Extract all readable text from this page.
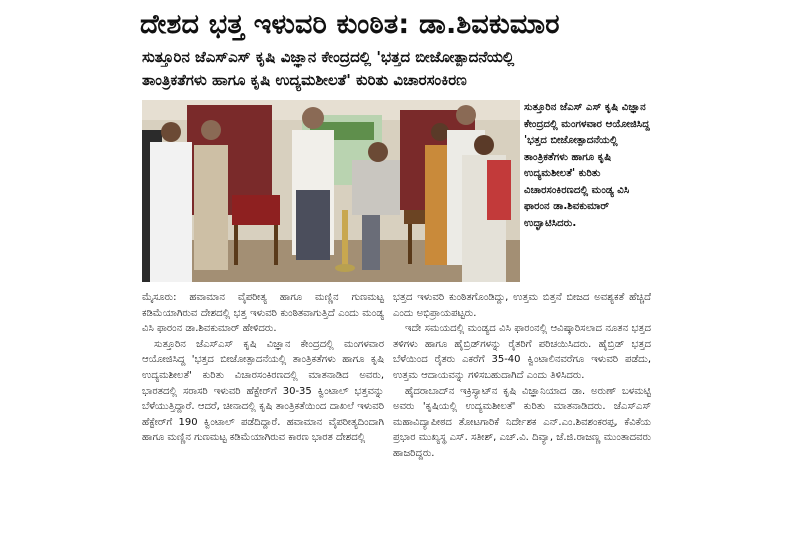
ದೇಶದ ಭತ್ತ ಇಳುವರಿ ಕುಂಠಿತ: ಡಾ.ಶಿವಕುಮಾರ
ಸುತ್ತೂರಿನ ಜೆಎಸ್‌ಎಸ್ ಕೃಷಿ ವಿಜ್ಞಾನ ಕೇಂದ್ರದಲ್ಲಿ 'ಭತ್ತದ ಬೀಜೋತ್ಪಾದನೆಯಲ್ಲಿ
ತಾಂತ್ರಿಕತೆಗಳು ಹಾಗೂ ಕೃಷಿ ಉದ್ಯಮಶೀಲತೆ' ಕುರಿತು ವಿಚಾರಸಂಕಿರಣ
ಸುತ್ತೂರಿನ ಜೆಎಸ್ ಎಸ್ ಕೃಷಿ ವಿಜ್ಞಾನ ಕೇಂದ್ರದಲ್ಲಿ ಮಂಗಳವಾರ ಆಯೋಜಿಸಿದ್ದ 'ಭತ್ತದ ಬೀಜೋತ್ಪಾದನೆಯಲ್ಲಿ ತಾಂತ್ರಿಕತೆಗಳು ಹಾಗೂ ಕೃಷಿ ಉದ್ಯಮಶೀಲತೆ' ಕುರಿತು ವಿಚಾರಸಂಕಿರಣದಲ್ಲಿ ಮಂಡ್ಯ ವಿಸಿ ಫಾರಂನ ಡಾ.ಶಿವಕುಮಾರ್ ಉದ್ಘಾಟಿಸಿದರು.

ಮೈಸೂರು: ಹವಾಮಾನ ವೈಪರೀತ್ಯ ಹಾಗೂ ಮಣ್ಣಿನ ಗುಣಮಟ್ಟ ಕಡಿಮೆಯಾಗಿರುವ ದೇಶದಲ್ಲಿ ಭತ್ತ ಇಳುವರಿ ಕುಂಠಿತವಾಗುತ್ತಿದೆ ಎಂದು ಮಂಡ್ಯ ವಿಸಿ ಫಾರಂನ ಡಾ.ಶಿವಕುಮಾರ್ ಹೇಳಿದರು.

ಸುತ್ತೂರಿನ ಜೆಎಸ್‌ಎಸ್ ಕೃಷಿ ವಿಜ್ಞಾನ ಕೇಂದ್ರದಲ್ಲಿ ಮಂಗಳವಾರ ಆಯೋಜಿಸಿದ್ದ 'ಭತ್ತದ ಬೀಜೋತ್ಪಾದನೆಯಲ್ಲಿ ತಾಂತ್ರಿಕತೆಗಳು ಹಾಗೂ ಕೃಷಿ ಉದ್ಯಮಶೀಲತೆ' ಕುರಿತು ವಿಚಾರಸಂಕಿರಣದಲ್ಲಿ ಮಾತನಾಡಿದ ಅವರು, ಭಾರತದಲ್ಲಿ ಸರಾಸರಿ ಇಳುವರಿ ಹೆಕ್ಟೇರ್‌ಗೆ 30-35 ಕ್ವಿಂಟಾಲ್ ಭತ್ತವನ್ನು ಬೆಳೆಯುತ್ತಿದ್ದಾರೆ. ಆದರೆ, ಚೀನಾದಲ್ಲಿ ಕೃಷಿ ತಾಂತ್ರಿಕತೆಯಿಂದ ದಾಖಲೆ ಇಳುವರಿ ಹೆಕ್ಟೇರ್‌ಗೆ 190 ಕ್ವಿಂಟಾಲ್ ಪಡೆದಿದ್ದಾರೆ. ಹವಾಮಾನ ವೈಪರೀತ್ಯದಿಂದಾಗಿ ಹಾಗೂ ಮಣ್ಣಿನ ಗುಣಮಟ್ಟ ಕಡಿಮೆಯಾಗಿರುವ ಕಾರಣ ಭಾರತ ದೇಶದಲ್ಲಿ

ಭತ್ತದ ಇಳುವರಿ ಕುಂಠಿತಗೊಂಡಿದ್ದು, ಉತ್ತಮ ಬಿತ್ತನೆ ಬೀಜದ ಅವಶ್ಯಕತೆ ಹೆಚ್ಚಿದೆ ಎಂದು ಅಭಿಪ್ರಾಯಪಟ್ಟರು.

ಇದೇ ಸಮಯದಲ್ಲಿ ಮಂಡ್ಯದ ವಿಸಿ ಫಾರಂನಲ್ಲಿ ಆವಿಷ್ಕಾರಿಸಲಾದ ನೂತನ ಭತ್ತದ ತಳಿಗಳು ಹಾಗೂ ಹೈಬ್ರಿಡ್‌ಗಳನ್ನು ರೈತರಿಗೆ ಪರಿಚಯಿಸಿದರು. ಹೈಬ್ರಿಡ್ ಭತ್ತದ ಬೆಳೆಯಿಂದ ರೈತರು ಎಕರೆಗೆ 35-40 ಕ್ವಿಂಟಾಲಿನವರೆಗೂ ಇಳುವರಿ ಪಡೆದು, ಉತ್ತಮ ಆದಾಯವನ್ನು ಗಳಿಸಬಹುದಾಗಿದೆ ಎಂದು ತಿಳಿಸಿದರು.

ಹೈದರಾಬಾದ್‌ನ ಇಕ್ರಿಸ್ಯಾಟ್‌ನ ಕೃಷಿ ವಿಜ್ಞಾನಿಯಾದ ಡಾ. ಅರುಣ್ ಬಳಮಟ್ಟಿ ಅವರು 'ಕೃಷಿಯಲ್ಲಿ ಉದ್ಯಮಶೀಲತೆ' ಕುರಿತು ಮಾತನಾಡಿದರು. ಜೆಎಸ್‌ಎಸ್ ಮಹಾವಿದ್ಯಾಪೀಠದ ತೋಟಗಾರಿಕೆ ನಿರ್ದೇಶಕ ಎನ್.ಎಂ.ಶಿವಶಂಕರಪ್ಪ, ಕೆವಿಕೆಯ ಪ್ರಭಾರ ಮುಖ್ಯಸ್ಥ ಎಸ್. ಸತೀಶ್, ಎಚ್.ವಿ. ದಿವ್ಯಾ, ಜೆ.ಜಿ.ರಾಜಣ್ಣ ಮುಂತಾದವರು ಹಾಜರಿದ್ದರು.
